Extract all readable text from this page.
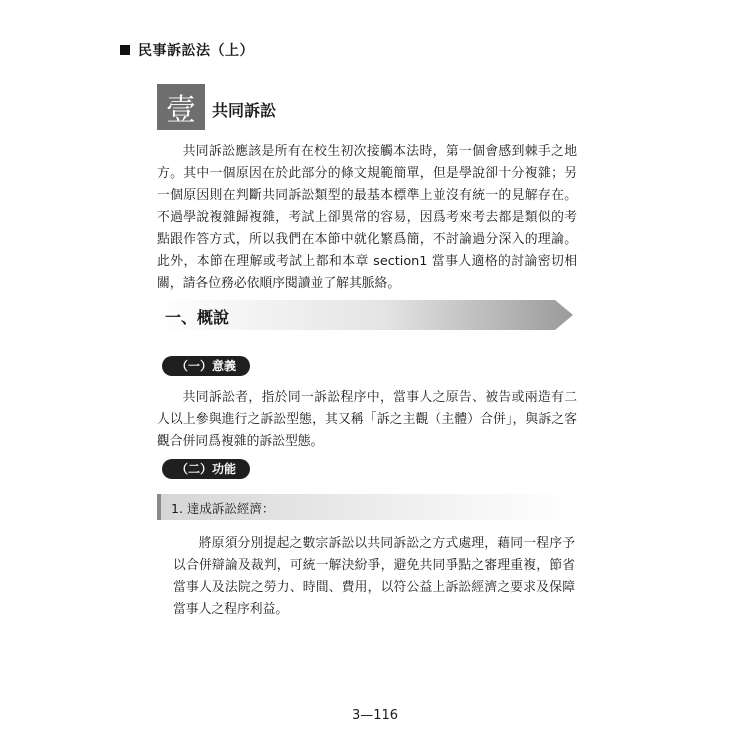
民事訴訟法（上）
壹 共同訴訟

共同訴訟應該是所有在校生初次接觸本法時，第一個會感到棘手之地方。其中一個原因在於此部分的條文規範簡單，但是學說卻十分複雜；另一個原因則在判斷共同訴訟類型的最基本標準上並沒有統一的見解存在。不過學說複雜歸複雜，考試上卻異常的容易，因爲考來考去都是類似的考點跟作答方式，所以我們在本節中就化繁爲簡，不討論過分深入的理論。此外，本節在理解或考試上都和本章 section1 當事人適格的討論密切相關，請各位務必依順序閱讀並了解其脈絡。

一、概說
（一）意義

共同訴訟者，指於同一訴訟程序中，當事人之原告、被告或兩造有二人以上參與進行之訴訟型態，其又稱「訴之主觀（主體）合併」，與訴之客觀合併同爲複雜的訴訟型態。

（二）功能
1. 達成訴訟經濟：

將原須分別提起之數宗訴訟以共同訴訟之方式處理，藉同一程序予以合併辯論及裁判，可統一解決紛爭，避免共同爭點之審理重複，節省當事人及法院之勞力、時間、費用，以符公益上訴訟經濟之要求及保障當事人之程序利益。

3—116
